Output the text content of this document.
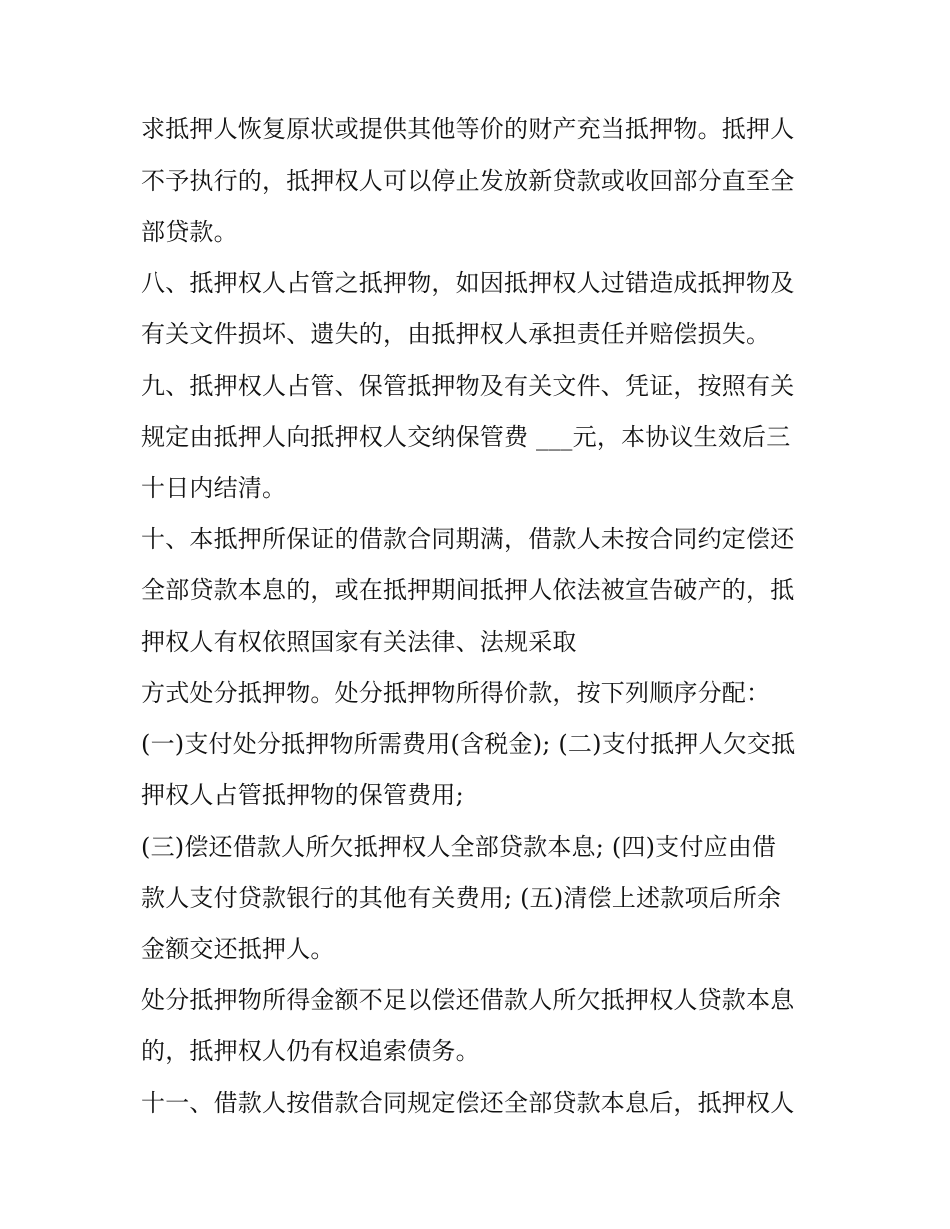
求抵押人恢复原状或提供其他等价的财产充当抵押物。抵押人
不予执行的，抵押权人可以停止发放新贷款或收回部分直至全
部贷款。
八、抵押权人占管之抵押物，如因抵押权人过错造成抵押物及
有关文件损坏、遗失的，由抵押权人承担责任并赔偿损失。
九、抵押权人占管、保管抵押物及有关文件、凭证，按照有关
规定由抵押人向抵押权人交纳保管费 ___元，本协议生效后三
十日内结清。
十、本抵押所保证的借款合同期满，借款人未按合同约定偿还
全部贷款本息的，或在抵押期间抵押人依法被宣告破产的，抵
押权人有权依照国家有关法律、法规采取
方式处分抵押物。处分抵押物所得价款，按下列顺序分配：
(一)支付处分抵押物所需费用(含税金); (二)支付抵押人欠交抵
押权人占管抵押物的保管费用;
(三)偿还借款人所欠抵押权人全部贷款本息; (四)支付应由借
款人支付贷款银行的其他有关费用; (五)清偿上述款项后所余
金额交还抵押人。
处分抵押物所得金额不足以偿还借款人所欠抵押权人贷款本息
的，抵押权人仍有权追索债务。
十一、借款人按借款合同规定偿还全部贷款本息后，抵押权人
